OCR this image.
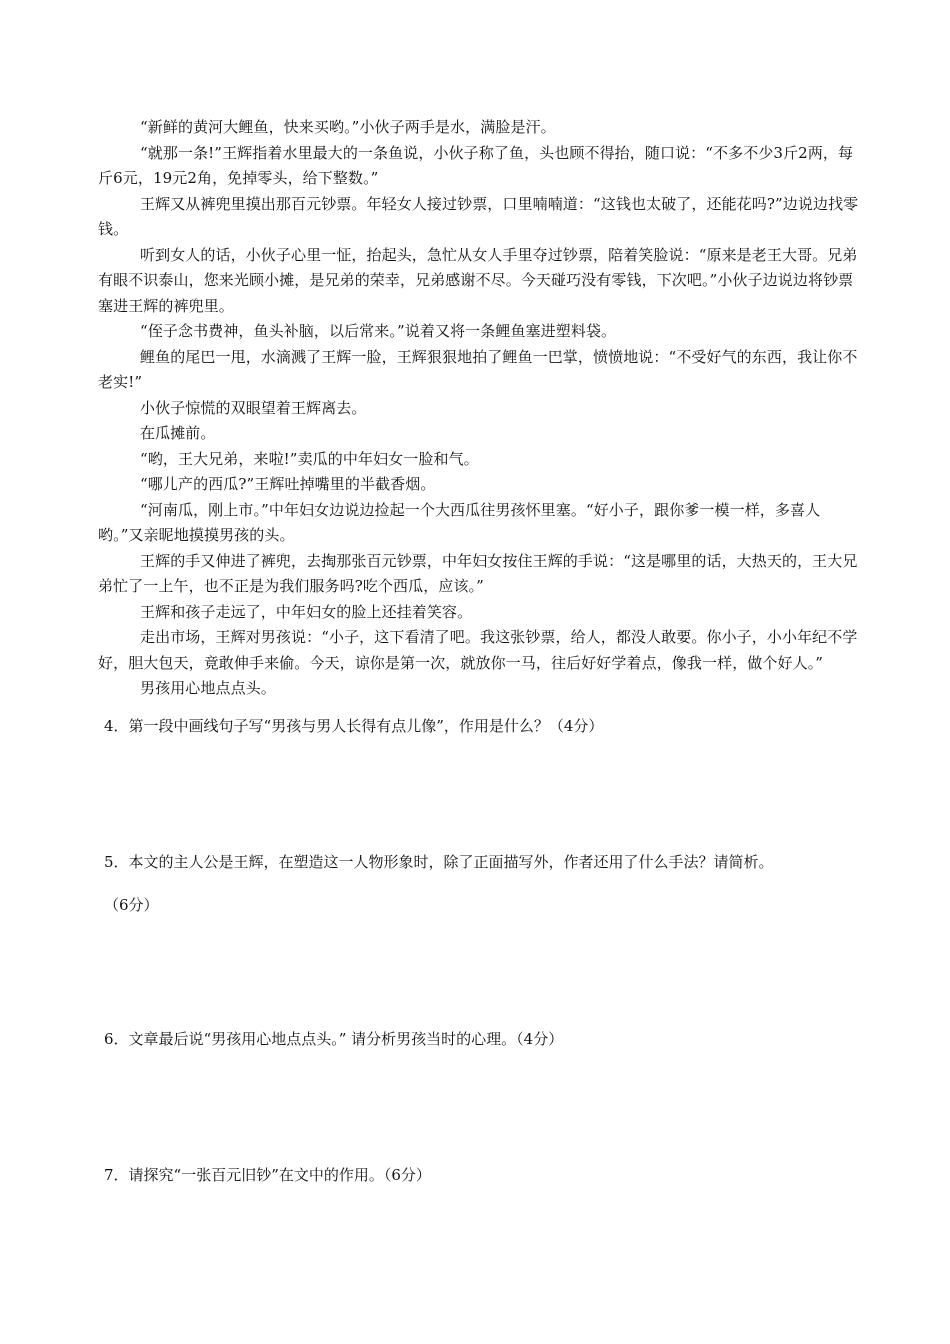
“新鲜的黄河大鲤鱼，快来买哟。”小伙子两手是水，满脸是汗。

“就那一条!”王辉指着水里最大的一条鱼说，小伙子称了鱼，头也顾不得抬，随口说：“不多不少3斤2两，每斤6元，19元2角，免掉零头，给下整数。”

王辉又从裤兜里摸出那百元钞票。年轻女人接过钞票，口里喃喃道：“这钱也太破了，还能花吗?”边说边找零钱。

听到女人的话，小伙子心里一怔，抬起头，急忙从女人手里夺过钞票，陪着笑脸说：“原来是老王大哥。兄弟有眼不识泰山，您来光顾小摊，是兄弟的荣幸，兄弟感谢不尽。今天碰巧没有零钱，下次吧。”小伙子边说边将钞票塞进王辉的裤兜里。

“侄子念书费神，鱼头补脑，以后常来。”说着又将一条鲤鱼塞进塑料袋。

鲤鱼的尾巴一甩，水滴溅了王辉一脸，王辉狠狠地拍了鲤鱼一巴掌，愤愤地说：“不受好气的东西，我让你不老实!”

小伙子惊慌的双眼望着王辉离去。

在瓜摊前。

“哟，王大兄弟，来啦!”卖瓜的中年妇女一脸和气。

“哪儿产的西瓜?”王辉吐掉嘴里的半截香烟。

“河南瓜，刚上市。”中年妇女边说边捡起一个大西瓜往男孩怀里塞。“好小子，跟你爹一模一样，多喜人哟。”又亲昵地摸摸男孩的头。

王辉的手又伸进了裤兜，去掏那张百元钞票，中年妇女按住王辉的手说：“这是哪里的话，大热天的，王大兄弟忙了一上午，也不正是为我们服务吗?吃个西瓜，应该。”

王辉和孩子走远了，中年妇女的脸上还挂着笑容。

走出市场，王辉对男孩说：“小子，这下看清了吧。我这张钞票，给人，都没人敢要。你小子，小小年纪不学好，胆大包天，竟敢伸手来偷。今天，谅你是第一次，就放你一马，往后好好学着点，像我一样，做个好人。”

男孩用心地点点头。

4．第一段中画线句子写“男孩与男人长得有点儿像”，作用是什么？（4分）

5．本文的主人公是王辉，在塑造这一人物形象时，除了正面描写外，作者还用了什么手法？请简析。

（6分）

6．文章最后说“男孩用心地点点头。” 请分析男孩当时的心理。（4分）

7．请探究“一张百元旧钞”在文中的作用。（6分）
